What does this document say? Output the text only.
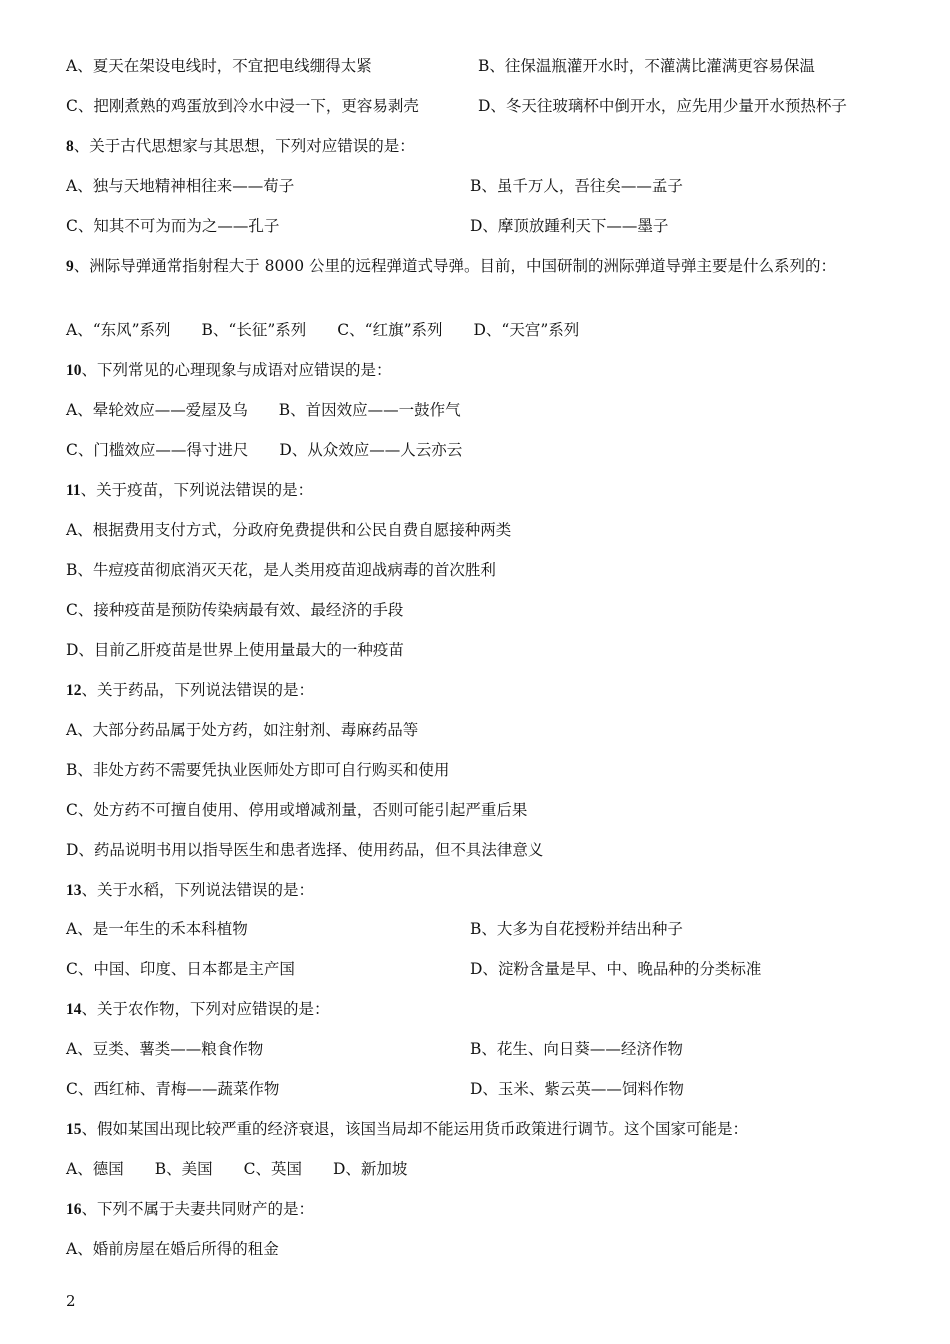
A、夏天在架设电线时，不宜把电线绷得太紧	B、往保温瓶灌开水时，不灌满比灌满更容易保温
C、把刚煮熟的鸡蛋放到冷水中浸一下，更容易剥壳	D、冬天往玻璃杯中倒开水，应先用少量开水预热杯子
8、关于古代思想家与其思想，下列对应错误的是：
A、独与天地精神相往来——荀子	B、虽千万人，吾往矣——孟子
C、知其不可为而为之——孔子	D、摩顶放踵利天下——墨子
9、洲际导弹通常指射程大于 8000 公里的远程弹道式导弹。目前，中国研制的洲际弹道导弹主要是什么系列的：
A、“东风”系列　　B、“长征”系列　　C、“红旗”系列　　D、“天宫”系列
10、下列常见的心理现象与成语对应错误的是：
A、晕轮效应——爱屋及乌　　B、首因效应——一鼓作气
C、门槛效应——得寸进尺　　D、从众效应——人云亦云
11、关于疫苗，下列说法错误的是：
A、根据费用支付方式，分政府免费提供和公民自费自愿接种两类
B、牛痘疫苗彻底消灭天花，是人类用疫苗迎战病毒的首次胜利
C、接种疫苗是预防传染病最有效、最经济的手段
D、目前乙肝疫苗是世界上使用量最大的一种疫苗
12、关于药品，下列说法错误的是：
A、大部分药品属于处方药，如注射剂、毒麻药品等
B、非处方药不需要凭执业医师处方即可自行购买和使用
C、处方药不可擅自使用、停用或增减剂量，否则可能引起严重后果
D、药品说明书用以指导医生和患者选择、使用药品，但不具法律意义
13、关于水稻，下列说法错误的是：
A、是一年生的禾本科植物	B、大多为自花授粉并结出种子
C、中国、印度、日本都是主产国	D、淀粉含量是早、中、晚品种的分类标准
14、关于农作物，下列对应错误的是：
A、豆类、薯类——粮食作物	B、花生、向日葵——经济作物
C、西红柿、青梅——蔬菜作物	D、玉米、紫云英——饲料作物
15、假如某国出现比较严重的经济衰退，该国当局却不能运用货币政策进行调节。这个国家可能是：
A、德国　　B、美国　　C、英国　　D、新加坡
16、下列不属于夫妻共同财产的是：
A、婚前房屋在婚后所得的租金
2
